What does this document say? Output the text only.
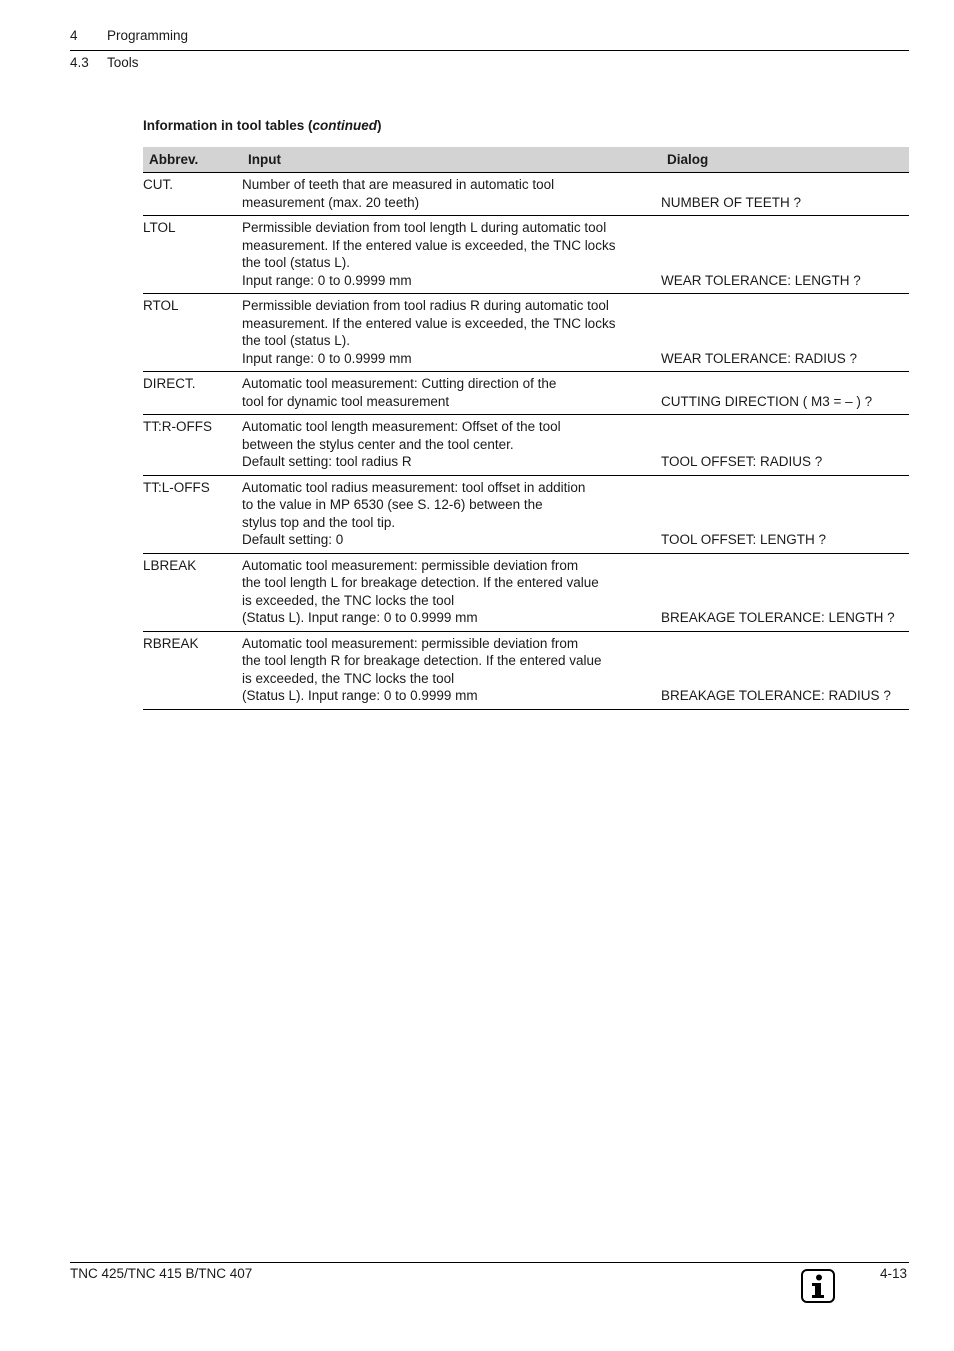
4 Programming
4.3 Tools
Information in tool tables (continued)
Abbrev.	Input	Dialog
CUT.	Number of teeth that are measured in automatic tool
measurement (max. 20 teeth)	NUMBER OF TEETH ?
LTOL	Permissible deviation from tool length L during automatic tool
measurement. If the entered value is exceeded, the TNC locks
the tool (status L).
Input range: 0 to 0.9999 mm	WEAR TOLERANCE: LENGTH ?
RTOL	Permissible deviation from tool radius R during automatic tool
measurement. If the entered value is exceeded, the TNC locks
the tool (status L).
Input range: 0 to 0.9999 mm	WEAR TOLERANCE: RADIUS ?
DIRECT.	Automatic tool measurement: Cutting direction of the
tool for dynamic tool measurement	CUTTING DIRECTION ( M3 = – ) ?
TT:R-OFFS	Automatic tool length measurement: Offset of the tool
between the stylus center and the tool center.
Default setting: tool radius R	TOOL OFFSET: RADIUS ?
TT:L-OFFS	Automatic tool radius measurement: tool offset in addition
to the value in MP 6530 (see S. 12-6) between the
stylus top and the tool tip.
Default setting: 0	TOOL OFFSET: LENGTH ?
LBREAK	Automatic tool measurement: permissible deviation from
the tool length L for breakage detection. If the entered value
is exceeded, the TNC locks the tool
(Status L). Input range: 0 to 0.9999 mm	BREAKAGE TOLERANCE: LENGTH ?
RBREAK	Automatic tool measurement: permissible deviation from
the tool length R for breakage detection. If the entered value
is exceeded, the TNC locks the tool
(Status L). Input range: 0 to 0.9999 mm	BREAKAGE TOLERANCE: RADIUS ?
TNC 425/TNC 415 B/TNC 407	4-13
